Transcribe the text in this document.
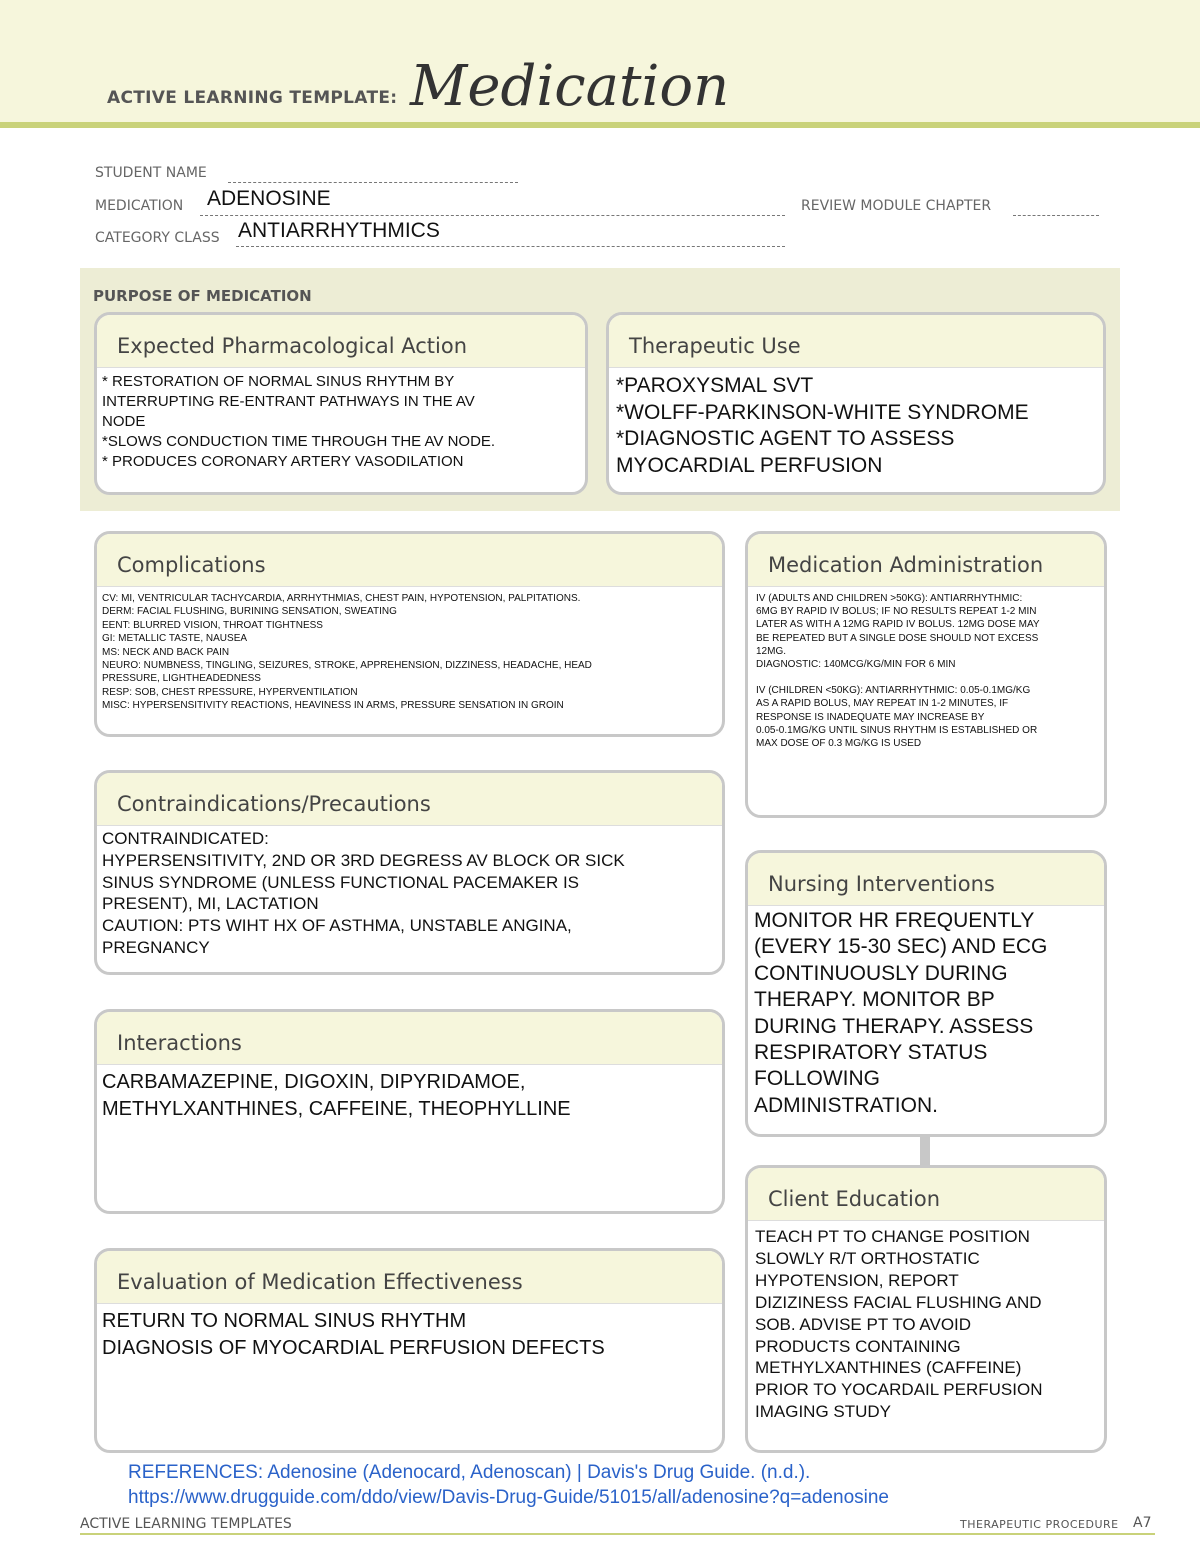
ACTIVE LEARNING TEMPLATE: Medication
STUDENT NAME
MEDICATION ADENOSINE	REVIEW MODULE CHAPTER
CATEGORY CLASS ANTIARRHYTHMICS
PURPOSE OF MEDICATION
Expected Pharmacological Action
* RESTORATION OF NORMAL SINUS RHYTHM BY
INTERRUPTING RE-ENTRANT PATHWAYS IN THE AV
NODE
*SLOWS CONDUCTION TIME THROUGH THE AV NODE.
* PRODUCES CORONARY ARTERY VASODILATION
Therapeutic Use
*PAROXYSMAL SVT
*WOLFF-PARKINSON-WHITE SYNDROME
*DIAGNOSTIC AGENT TO ASSESS
MYOCARDIAL PERFUSION
Complications
CV: MI, VENTRICULAR TACHYCARDIA, ARRHYTHMIAS, CHEST PAIN, HYPOTENSION, PALPITATIONS.
DERM: FACIAL FLUSHING, BURINING SENSATION, SWEATING
EENT: BLURRED VISION, THROAT TIGHTNESS
GI: METALLIC TASTE, NAUSEA
MS: NECK AND BACK PAIN
NEURO: NUMBNESS, TINGLING, SEIZURES, STROKE, APPREHENSION, DIZZINESS, HEADACHE, HEAD
PRESSURE, LIGHTHEADEDNESS
RESP: SOB, CHEST RPESSURE, HYPERVENTILATION
MISC: HYPERSENSITIVITY REACTIONS, HEAVINESS IN ARMS, PRESSURE SENSATION IN GROIN
Medication Administration
IV (ADULTS AND CHILDREN >50KG): ANTIARRHYTHMIC:
6MG BY RAPID IV BOLUS; IF NO RESULTS REPEAT 1-2 MIN
LATER AS WITH A 12MG RAPID IV BOLUS. 12MG DOSE MAY
BE REPEATED BUT A SINGLE DOSE SHOULD NOT EXCESS
12MG.
DIAGNOSTIC: 140MCG/KG/MIN FOR 6 MIN
IV (CHILDREN <50KG): ANTIARRHYTHMIC: 0.05-0.1MG/KG
AS A RAPID BOLUS, MAY REPEAT IN 1-2 MINUTES, IF
RESPONSE IS INADEQUATE MAY INCREASE BY
0.05-0.1MG/KG UNTIL SINUS RHYTHM IS ESTABLISHED OR
MAX DOSE OF 0.3 MG/KG IS USED
Contraindications/Precautions
CONTRAINDICATED:
HYPERSENSITIVITY, 2ND OR 3RD DEGRESS AV BLOCK OR SICK
SINUS SYNDROME (UNLESS FUNCTIONAL PACEMAKER IS
PRESENT), MI, LACTATION
CAUTION: PTS WIHT HX OF ASTHMA, UNSTABLE ANGINA,
PREGNANCY
Nursing Interventions
MONITOR HR FREQUENTLY
(EVERY 15-30 SEC) AND ECG
CONTINUOUSLY DURING
THERAPY. MONITOR BP
DURING THERAPY. ASSESS
RESPIRATORY STATUS
FOLLOWING
ADMINISTRATION.
Interactions
CARBAMAZEPINE, DIGOXIN, DIPYRIDAMOE,
METHYLXANTHINES, CAFFEINE, THEOPHYLLINE
Client Education
TEACH PT TO CHANGE POSITION
SLOWLY R/T ORTHOSTATIC
HYPOTENSION, REPORT
DIZIZINESS FACIAL FLUSHING AND
SOB. ADVISE PT TO AVOID
PRODUCTS CONTAINING
METHYLXANTHINES (CAFFEINE)
PRIOR TO YOCARDAIL PERFUSION
IMAGING STUDY
Evaluation of Medication Effectiveness
RETURN TO NORMAL SINUS RHYTHM
DIAGNOSIS OF MYOCARDIAL PERFUSION DEFECTS
REFERENCES: Adenosine (Adenocard, Adenoscan) | Davis's Drug Guide. (n.d.).
https://www.drugguide.com/ddo/view/Davis-Drug-Guide/51015/all/adenosine?q=adenosine
ACTIVE LEARNING TEMPLATES	THERAPEUTIC PROCEDURE A7
